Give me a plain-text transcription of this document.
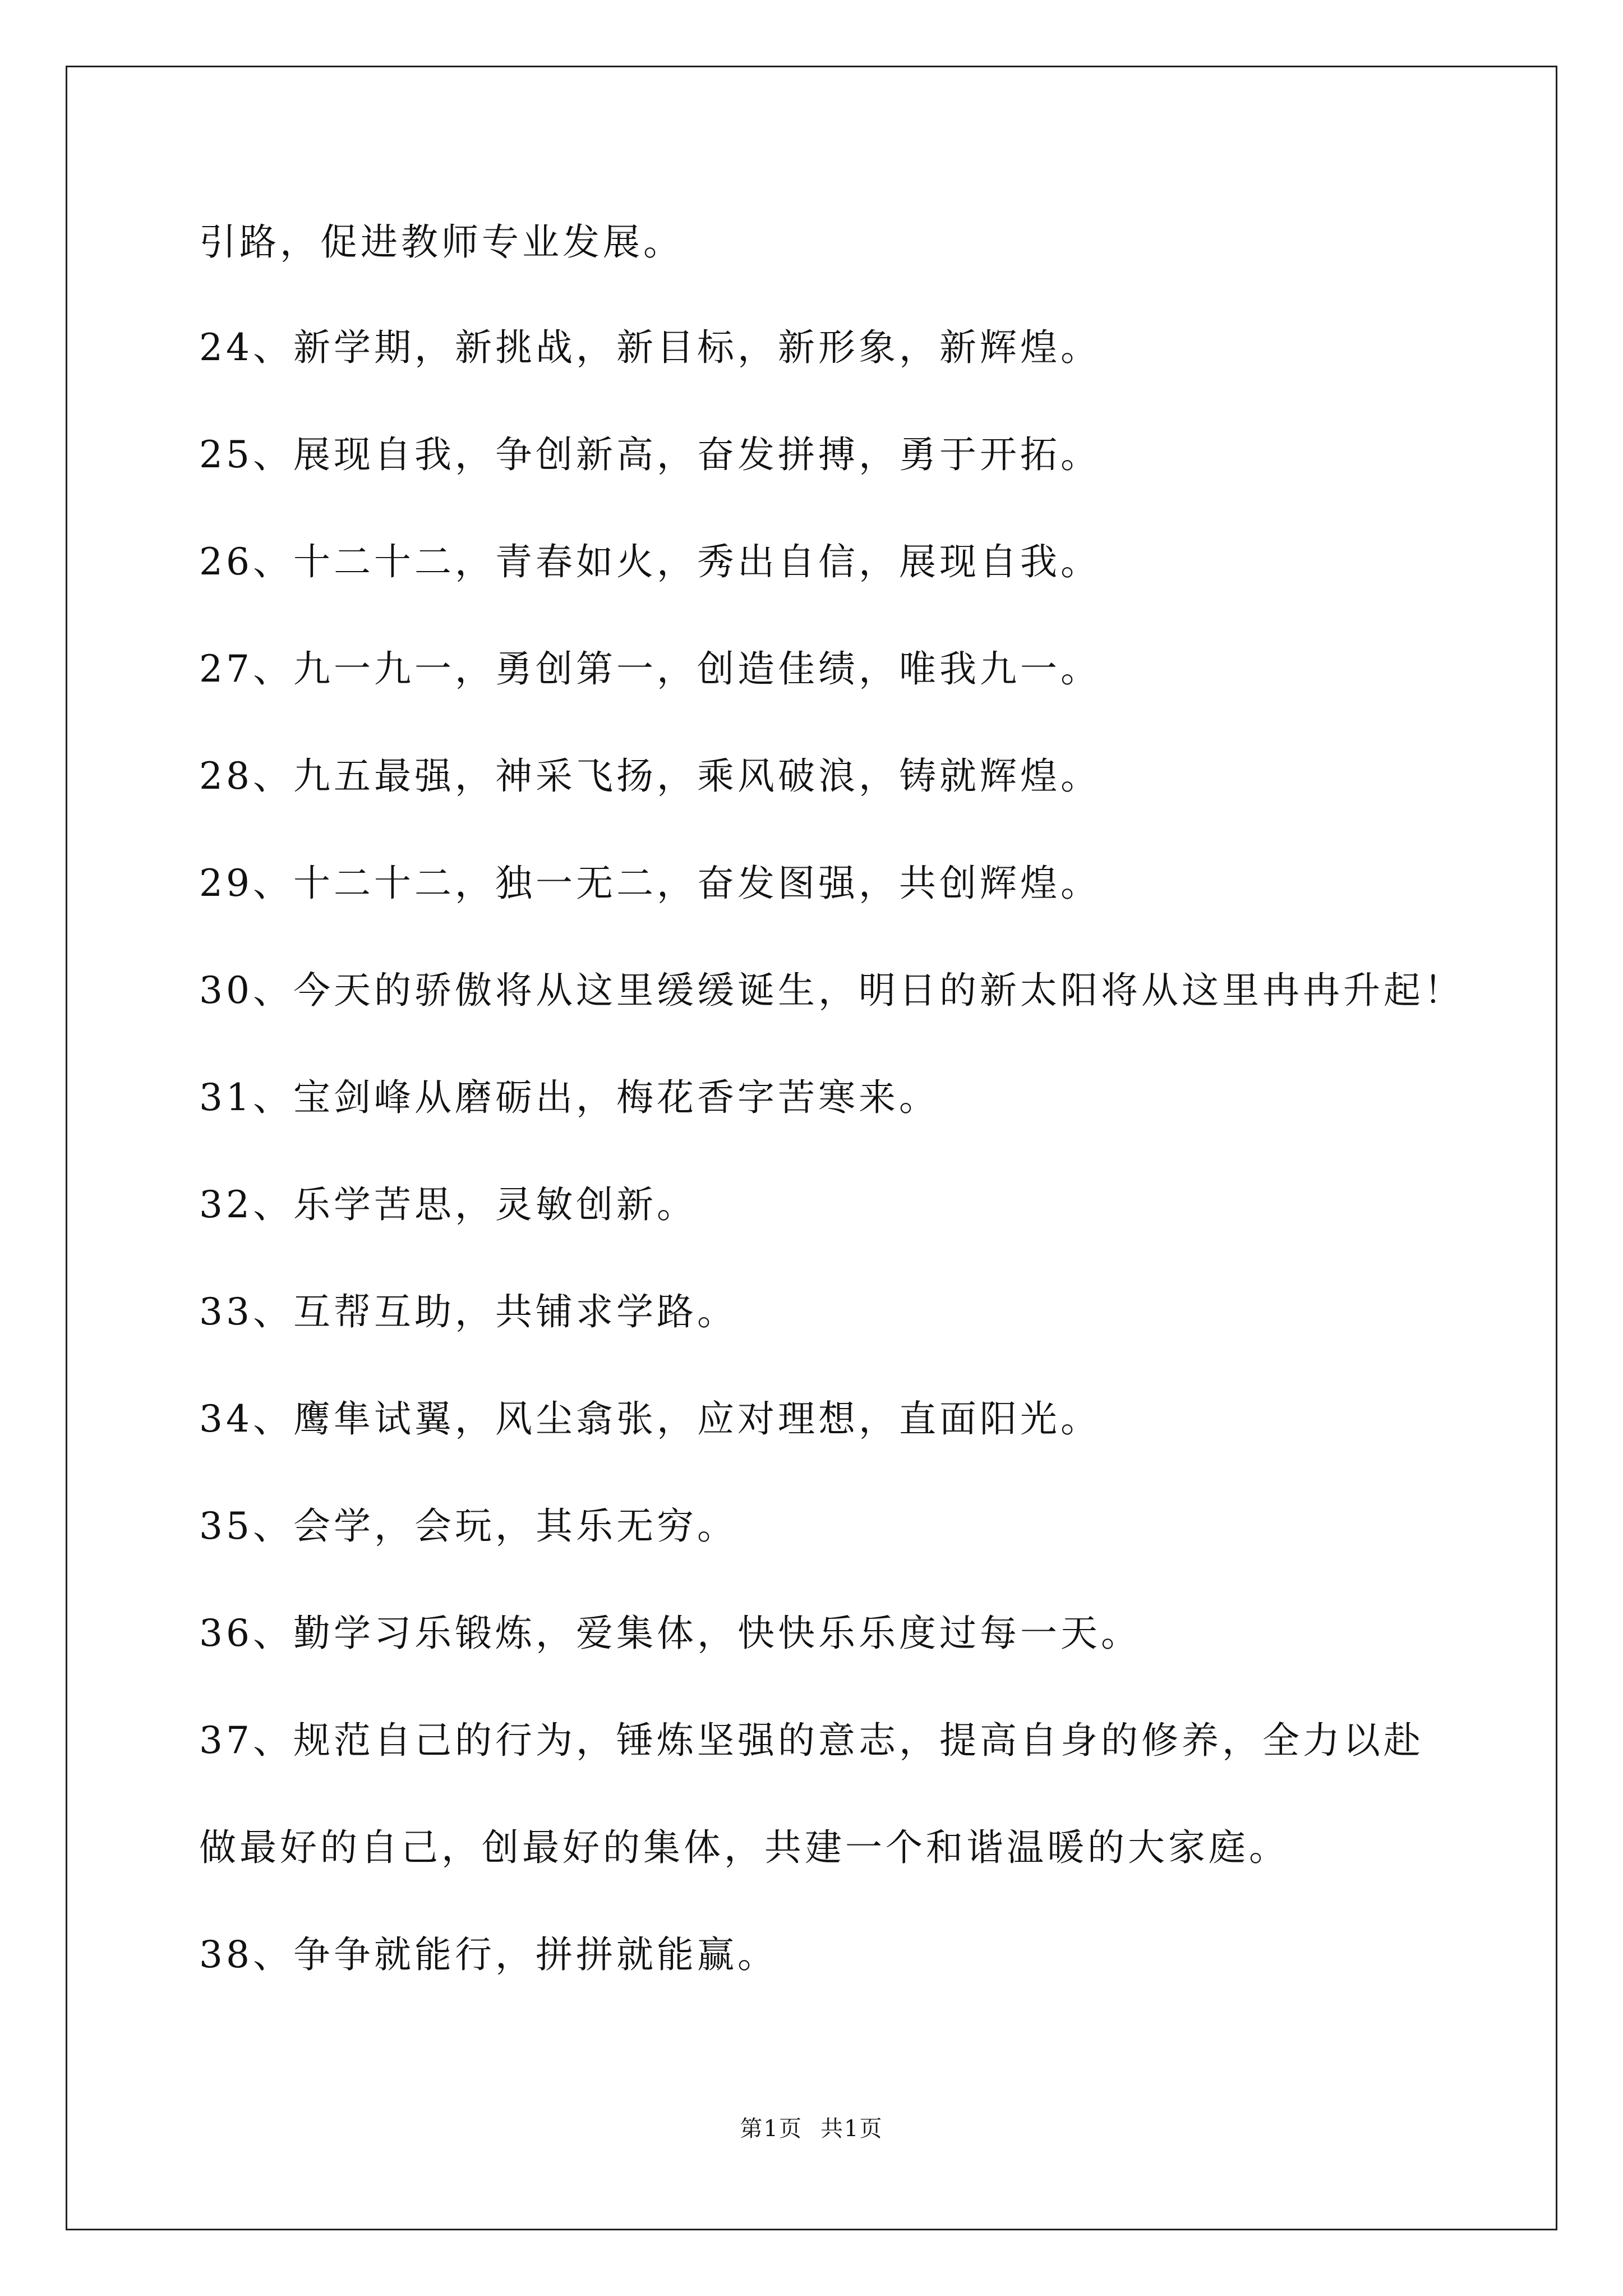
引路，促进教师专业发展。
24、新学期，新挑战，新目标，新形象，新辉煌。
25、展现自我，争创新高，奋发拼搏，勇于开拓。
26、十二十二，青春如火，秀出自信，展现自我。
27、九一九一，勇创第一，创造佳绩，唯我九一。
28、九五最强，神采飞扬，乘风破浪，铸就辉煌。
29、十二十二，独一无二，奋发图强，共创辉煌。
30、今天的骄傲将从这里缓缓诞生，明日的新太阳将从这里冉冉升起！
31、宝剑峰从磨砺出，梅花香字苦寒来。
32、乐学苦思，灵敏创新。
33、互帮互助，共铺求学路。
34、鹰隼试翼，风尘翕张，应对理想，直面阳光。
35、会学，会玩，其乐无穷。
36、勤学习乐锻炼，爱集体，快快乐乐度过每一天。
37、规范自己的行为，锤炼坚强的意志，提高自身的修养，全力以赴
做最好的自己，创最好的集体，共建一个和谐温暖的大家庭。
38、争争就能行，拼拼就能赢。
第1页 共1页
